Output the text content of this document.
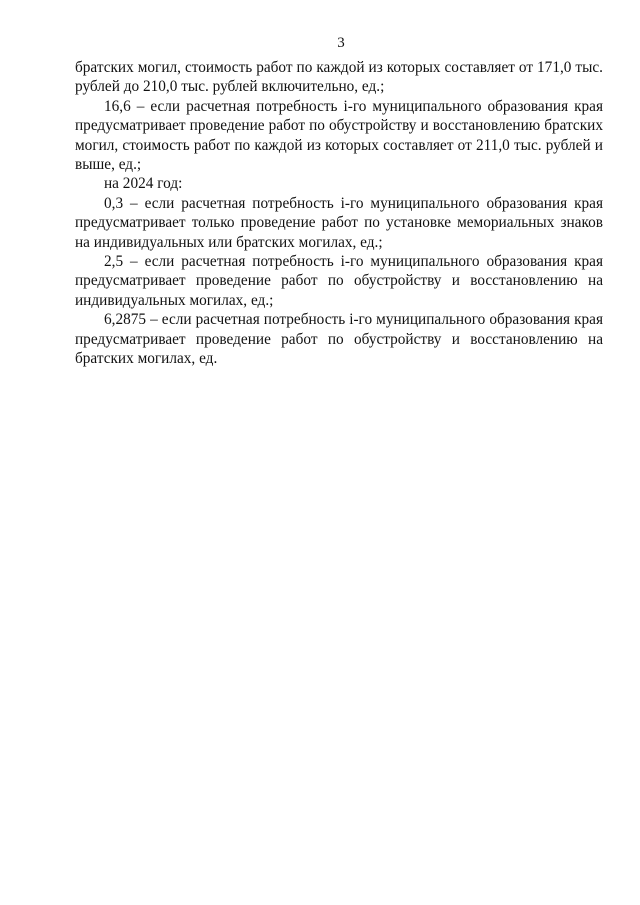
3

братских могил, стоимость работ по каждой из которых составляет от 171,0 тыс. рублей до 210,0 тыс. рублей включительно, ед.;

16,6 – если расчетная потребность i-го муниципального образования края предусматривает проведение работ по обустройству и восстановлению братских могил, стоимость работ по каждой из которых составляет от 211,0 тыс. рублей и выше, ед.;

на 2024 год:

0,3 – если расчетная потребность i-го муниципального образования края предусматривает только проведение работ по установке мемориальных знаков на индивидуальных или братских могилах, ед.;

2,5 – если расчетная потребность i-го муниципального образования края предусматривает проведение работ по обустройству и восстановлению на индивидуальных могилах, ед.;

6,2875 – если расчетная потребность i-го муниципального образования края предусматривает проведение работ по обустройству и восстановлению на братских могилах, ед.
